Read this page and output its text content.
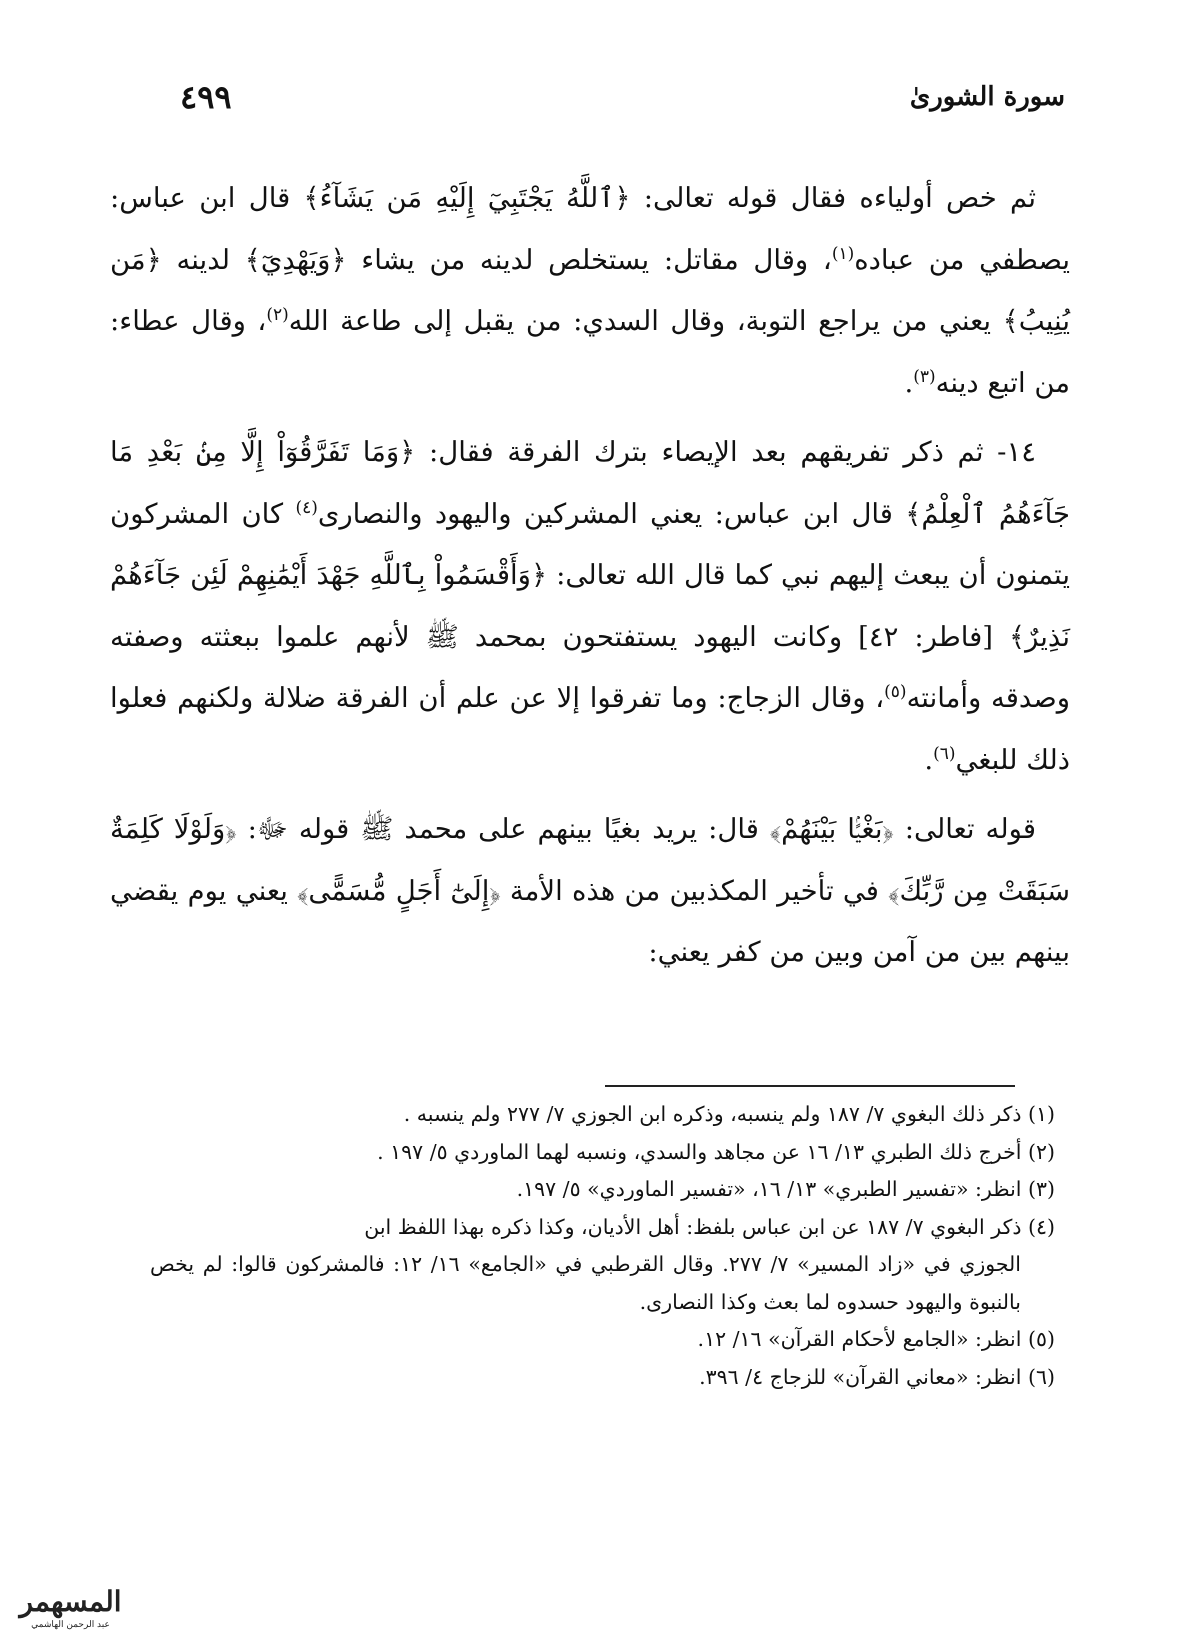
سورة الشورىٰ
٤٩٩

ثم خص أولياءه فقال قوله تعالى: ﴿ٱللَّهُ يَجْتَبِيٓ إِلَيْهِ مَن يَشَآءُ﴾ قال ابن عباس: يصطفي من عباده$^{(١)}$، وقال مقاتل: يستخلص لدينه من يشاء ﴿وَيَهْدِيٓ﴾ لدينه ﴿مَن يُنِيبُ﴾ يعني من يراجع التوبة، وقال السدي: من يقبل إلى طاعة الله$^{(٢)}$، وقال عطاء: من اتبع دينه$^{(٣)}$.

١٤- ثم ذكر تفريقهم بعد الإيصاء بترك الفرقة فقال: ﴿وَمَا تَفَرَّقُوٓاْ إِلَّا مِنۢ بَعْدِ مَا جَآءَهُمُ ٱلْعِلْمُ﴾ قال ابن عباس: يعني المشركين واليهود والنصارى$^{(٤)}$ كان المشركون يتمنون أن يبعث إليهم نبي كما قال الله تعالى: ﴿وَأَقْسَمُواْ بِٱللَّهِ جَهْدَ أَيْمَٰنِهِمْ لَئِن جَآءَهُمْ نَذِيرٌ﴾ [فاطر: ٤٢] وكانت اليهود يستفتحون بمحمد ﷺ لأنهم علموا ببعثته وصفته وصدقه وأمانته$^{(٥)}$، وقال الزجاج: وما تفرقوا إلا عن علم أن الفرقة ضلالة ولكنهم فعلوا ذلك للبغي$^{(٦)}$.

قوله تعالى: ﴿بَغْيًۢا بَيْنَهُمْ﴾ قال: يريد بغيًا بينهم على محمد ﷺ قوله ﷻ: ﴿وَلَوْلَا كَلِمَةٌ سَبَقَتْ مِن رَّبِّكَ﴾ في تأخير المكذبين من هذه الأمة ﴿إِلَىٰٓ أَجَلٍ مُّسَمًّى﴾ يعني يوم يقضي بينهم بين من آمن وبين من كفر يعني:

(١) ذكر ذلك البغوي ٧/ ١٨٧ ولم ينسبه، وذكره ابن الجوزي ٧/ ٢٧٧ ولم ينسبه .

(٢) أخرج ذلك الطبري ١٣/ ١٦ عن مجاهد والسدي، ونسبه لهما الماوردي ٥/ ١٩٧ .

(٣) انظر: «تفسير الطبري» ١٣/ ١٦، «تفسير الماوردي» ٥/ ١٩٧.

(٤) ذكر البغوي ٧/ ١٨٧ عن ابن عباس بلفظ: أهل الأديان، وكذا ذكره بهذا اللفظ ابن
الجوزي في «زاد المسير» ٧/ ٢٧٧. وقال القرطبي في «الجامع» ١٦/ ١٢: فالمشركون قالوا: لم يخص بالنبوة واليهود حسدوه لما بعث وكذا النصارى.

(٥) انظر: «الجامع لأحكام القرآن» ١٦/ ١٢.

(٦) انظر: «معاني القرآن» للزجاج ٤/ ٣٩٦.

المسهمر
عبد الرحمن الهاشمي
